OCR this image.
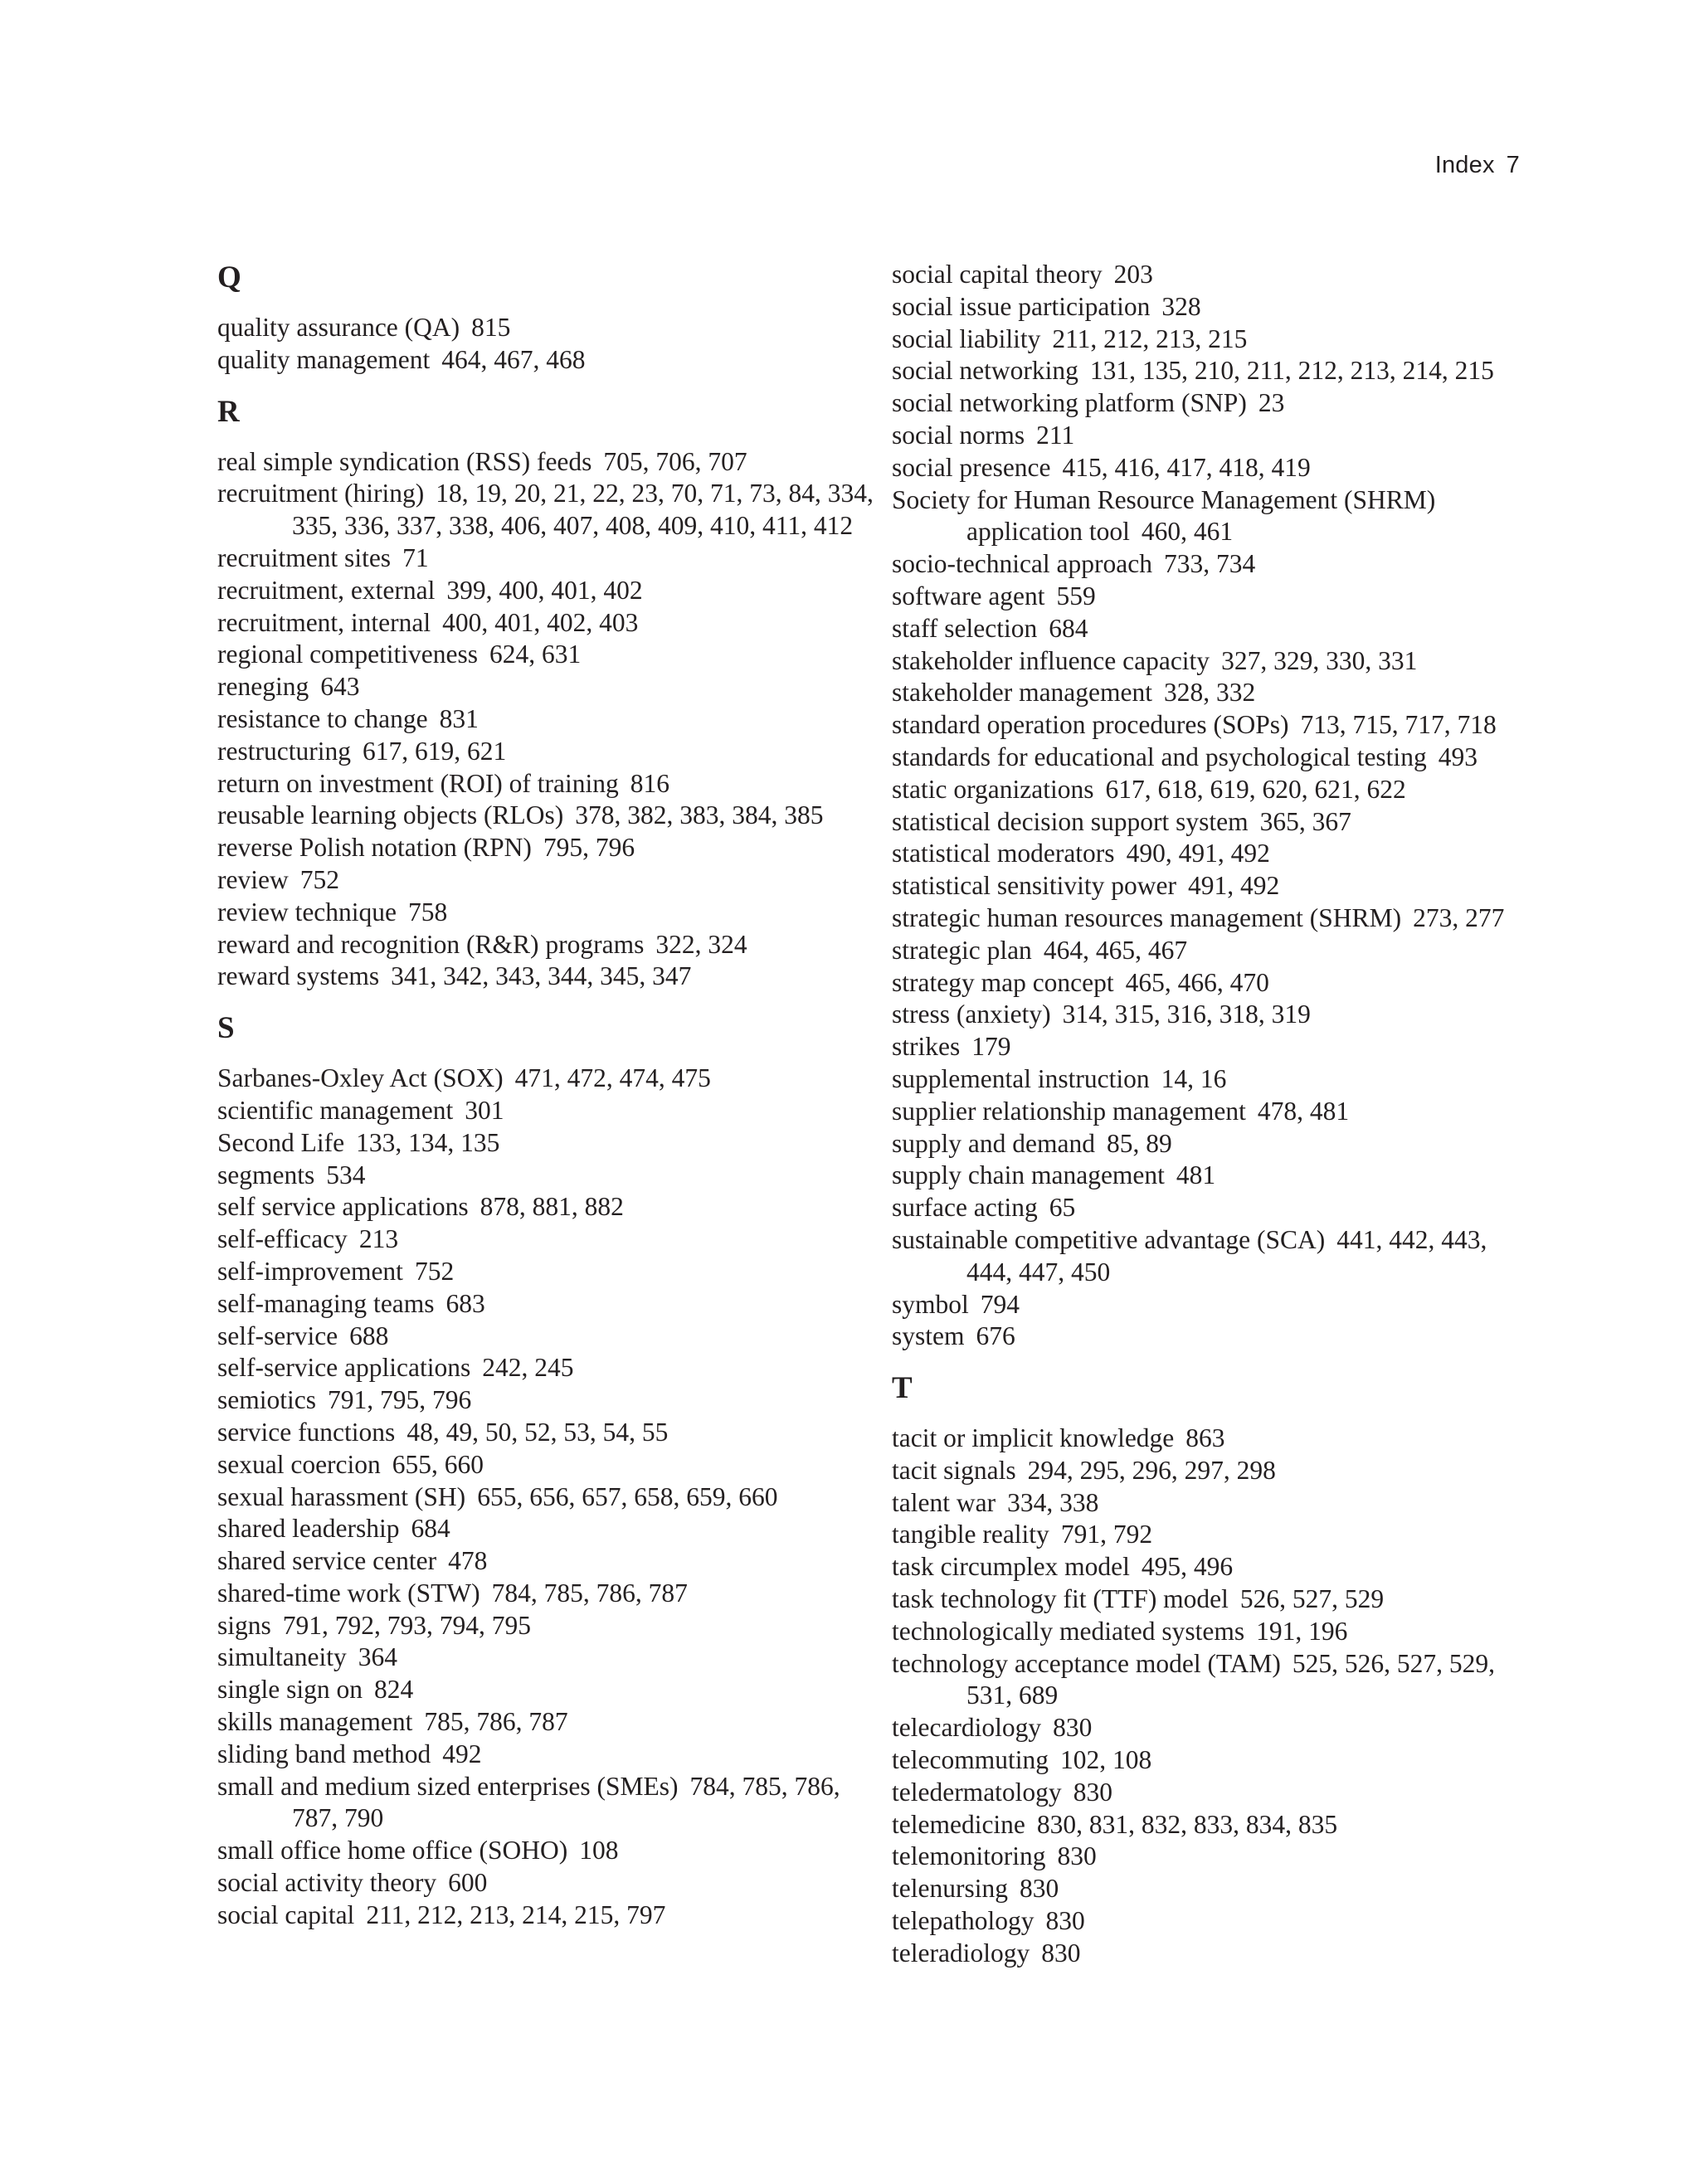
Index 7
Q
quality assurance (QA) 815
quality management 464, 467, 468
R
real simple syndication (RSS) feeds 705, 706, 707
recruitment (hiring) 18, 19, 20, 21, 22, 23, 70, 71, 73, 84, 334, 335, 336, 337, 338, 406, 407, 408, 409, 410, 411, 412
recruitment sites 71
recruitment, external 399, 400, 401, 402
recruitment, internal 400, 401, 402, 403
regional competitiveness 624, 631
reneging 643
resistance to change 831
restructuring 617, 619, 621
return on investment (ROI) of training 816
reusable learning objects (RLOs) 378, 382, 383, 384, 385
reverse Polish notation (RPN) 795, 796
review 752
review technique 758
reward and recognition (R&R) programs 322, 324
reward systems 341, 342, 343, 344, 345, 347
S
Sarbanes-Oxley Act (SOX) 471, 472, 474, 475
scientific management 301
Second Life 133, 134, 135
segments 534
self service applications 878, 881, 882
self-efficacy 213
self-improvement 752
self-managing teams 683
self-service 688
self-service applications 242, 245
semiotics 791, 795, 796
service functions 48, 49, 50, 52, 53, 54, 55
sexual coercion 655, 660
sexual harassment (SH) 655, 656, 657, 658, 659, 660
shared leadership 684
shared service center 478
shared-time work (STW) 784, 785, 786, 787
signs 791, 792, 793, 794, 795
simultaneity 364
single sign on 824
skills management 785, 786, 787
sliding band method 492
small and medium sized enterprises (SMEs) 784, 785, 786, 787, 790
small office home office (SOHO) 108
social activity theory 600
social capital 211, 212, 213, 214, 215, 797
social capital theory 203
social issue participation 328
social liability 211, 212, 213, 215
social networking 131, 135, 210, 211, 212, 213, 214, 215
social networking platform (SNP) 23
social norms 211
social presence 415, 416, 417, 418, 419
Society for Human Resource Management (SHRM) application tool 460, 461
socio-technical approach 733, 734
software agent 559
staff selection 684
stakeholder influence capacity 327, 329, 330, 331
stakeholder management 328, 332
standard operation procedures (SOPs) 713, 715, 717, 718
standards for educational and psychological testing 493
static organizations 617, 618, 619, 620, 621, 622
statistical decision support system 365, 367
statistical moderators 490, 491, 492
statistical sensitivity power 491, 492
strategic human resources management (SHRM) 273, 277
strategic plan 464, 465, 467
strategy map concept 465, 466, 470
stress (anxiety) 314, 315, 316, 318, 319
strikes 179
supplemental instruction 14, 16
supplier relationship management 478, 481
supply and demand 85, 89
supply chain management 481
surface acting 65
sustainable competitive advantage (SCA) 441, 442, 443, 444, 447, 450
symbol 794
system 676
T
tacit or implicit knowledge 863
tacit signals 294, 295, 296, 297, 298
talent war 334, 338
tangible reality 791, 792
task circumplex model 495, 496
task technology fit (TTF) model 526, 527, 529
technologically mediated systems 191, 196
technology acceptance model (TAM) 525, 526, 527, 529, 531, 689
telecardiology 830
telecommuting 102, 108
teledermatology 830
telemedicine 830, 831, 832, 833, 834, 835
telemonitoring 830
telenursing 830
telepathology 830
teleradiology 830
